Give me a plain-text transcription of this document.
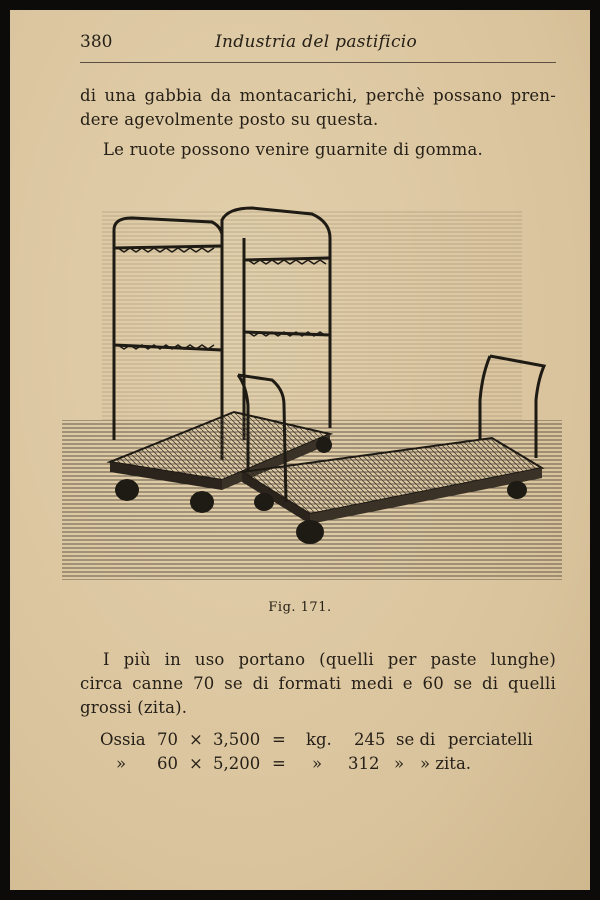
380	Industria del pastificio
di una gabbia da montacarichi, perchè possano pren-
dere agevolmente posto su questa.
Le ruote possono venire guarnite di gomma.
Fig. 171.
I più in uso portano (quelli per paste lunghe)
circa canne 70 se di formati medi e 60 se di quelli
grossi (zita).
Ossia 70 × 3,500 = kg. 245 se di perciatelli
» 60 × 5,200 = » 312 » » zita.
